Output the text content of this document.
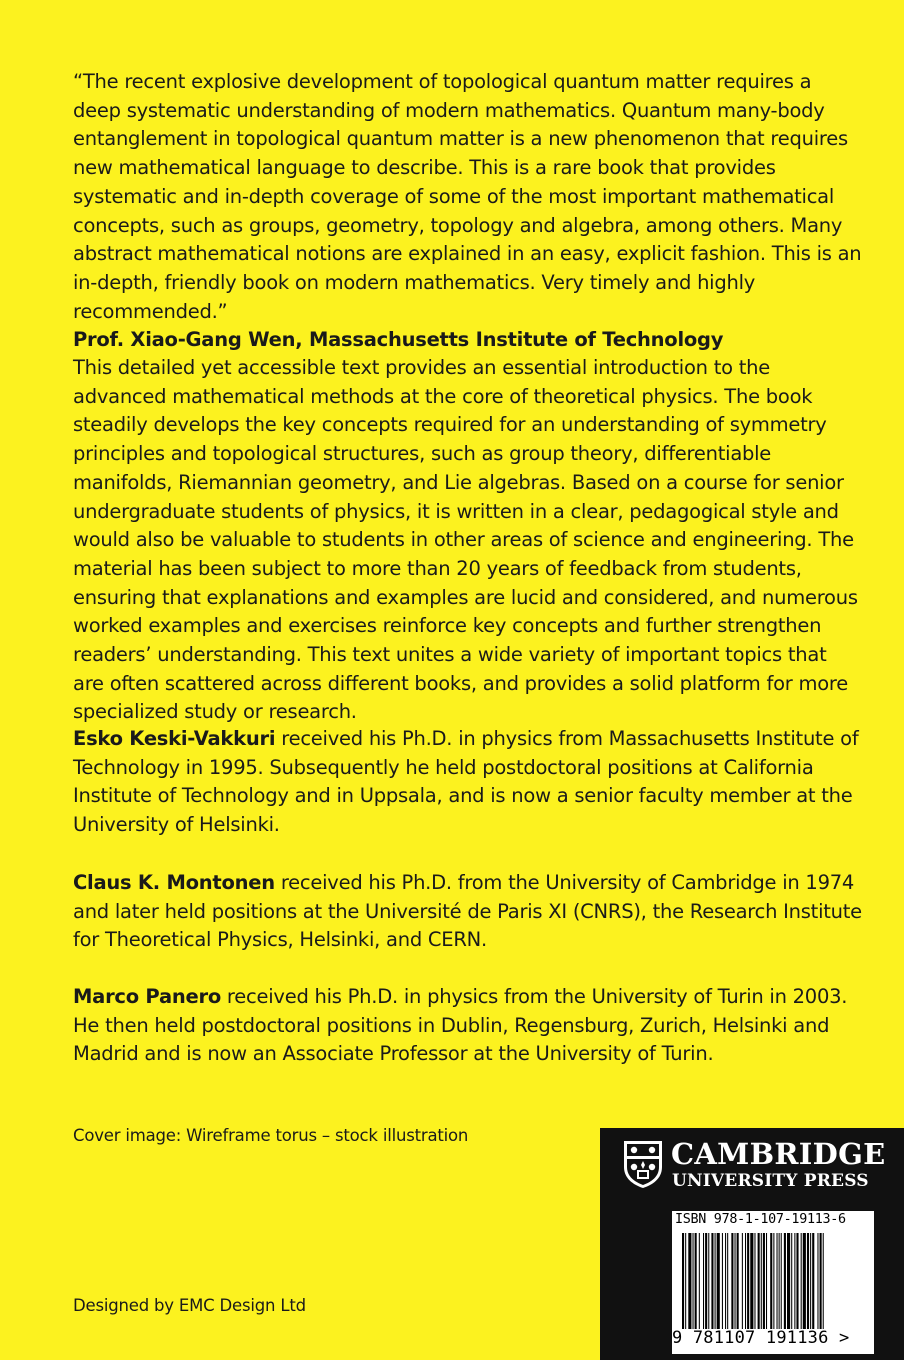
“The recent explosive development of topological quantum matter requires a deep systematic understanding of modern mathematics. Quantum many-body entanglement in topological quantum matter is a new phenomenon that requires new mathematical language to describe. This is a rare book that provides systematic and in-depth coverage of some of the most important mathematical concepts, such as groups, geometry, topology and algebra, among others. Many abstract mathematical notions are explained in an easy, explicit fashion. This is an in-depth, friendly book on modern mathematics. Very timely and highly recommended.”

Prof. Xiao-Gang Wen, Massachusetts Institute of Technology

This detailed yet accessible text provides an essential introduction to the advanced mathematical methods at the core of theoretical physics. The book steadily develops the key concepts required for an understanding of symmetry principles and topological structures, such as group theory, differentiable manifolds, Riemannian geometry, and Lie algebras. Based on a course for senior undergraduate students of physics, it is written in a clear, pedagogical style and would also be valuable to students in other areas of science and engineering. The material has been subject to more than 20 years of feedback from students, ensuring that explanations and examples are lucid and considered, and numerous worked examples and exercises reinforce key concepts and further strengthen readers’ understanding. This text unites a wide variety of important topics that are often scattered across different books, and provides a solid platform for more specialized study or research.

Esko Keski-Vakkuri received his Ph.D. in physics from Massachusetts Institute of Technology in 1995. Subsequently he held postdoctoral positions at California Institute of Technology and in Uppsala, and is now a senior faculty member at the University of Helsinki.

Claus K. Montonen received his Ph.D. from the University of Cambridge in 1974 and later held positions at the Université de Paris XI (CNRS), the Research Institute for Theoretical Physics, Helsinki, and CERN.

Marco Panero received his Ph.D. in physics from the University of Turin in 2003. He then held postdoctoral positions in Dublin, Regensburg, Zurich, Helsinki and Madrid and is now an Associate Professor at the University of Turin.

Cover image: Wireframe torus – stock illustration
Designed by EMC Design Ltd
CAMBRIDGE
UNIVERSITY PRESS
ISBN 978-1-107-19113-6
9 781107 191136 >
